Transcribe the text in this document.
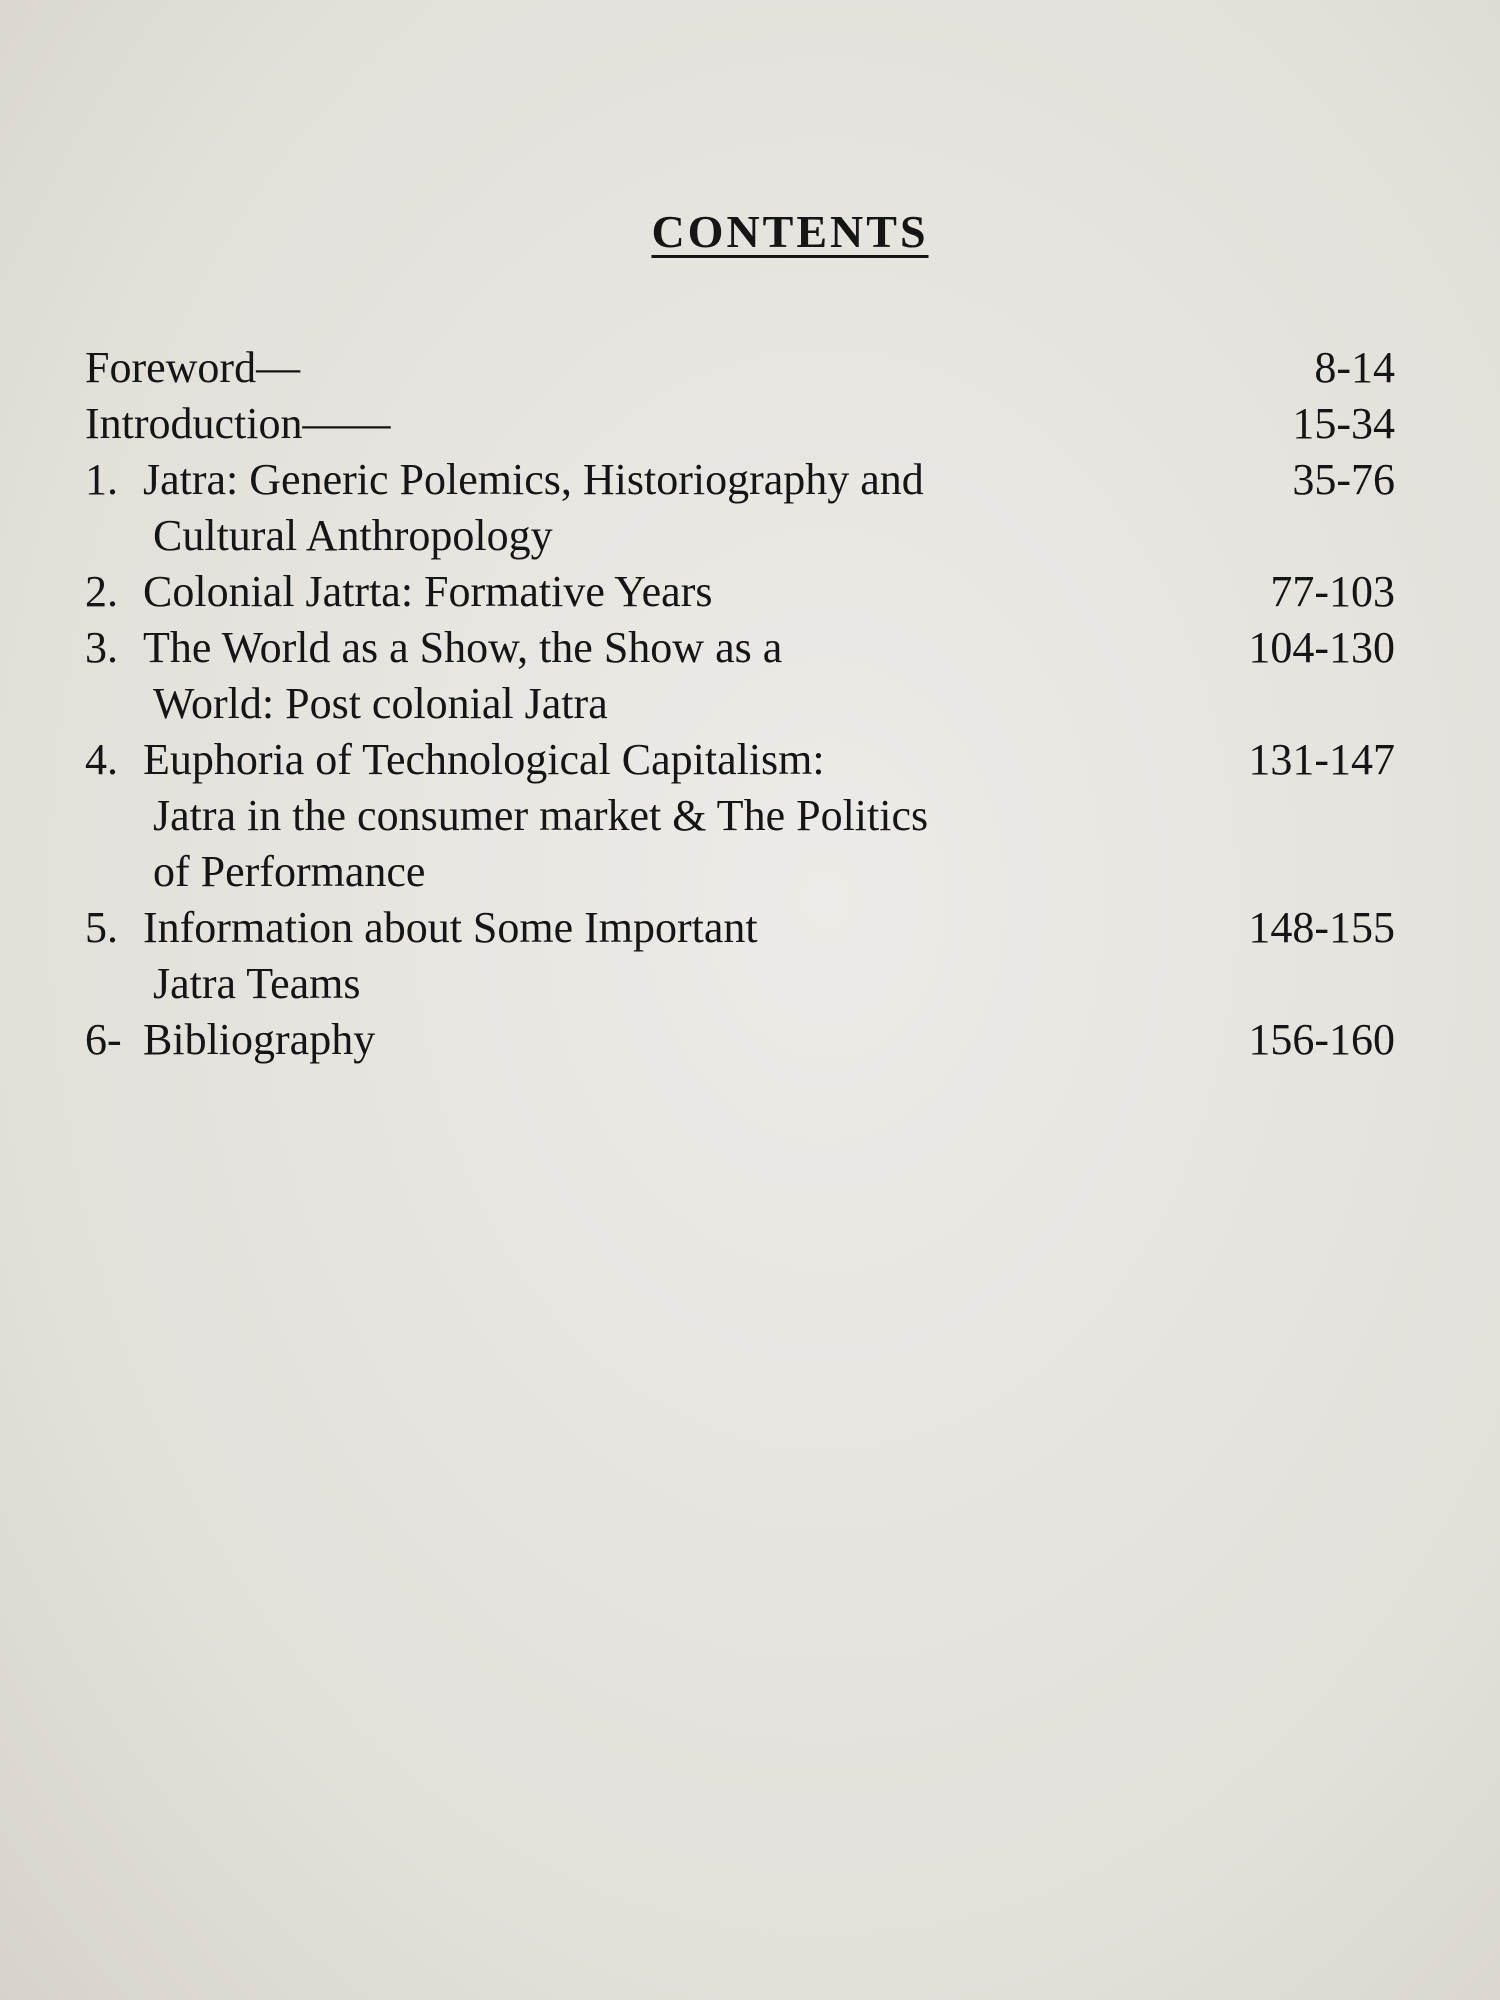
CONTENTS
Foreword—	8-14
Introduction——	15-34
1. Jatra: Generic Polemics, Historiography and
Cultural Anthropology
35-76
2. Colonial Jatrta: Formative Years	77-103
3. The World as a Show, the Show as a
World: Post colonial Jatra
104-130
4. Euphoria of Technological Capitalism:
Jatra in the consumer market & The Politics
of Performance
131-147
5. Information about Some Important
Jatra Teams
148-155
6- Bibliography	156-160
